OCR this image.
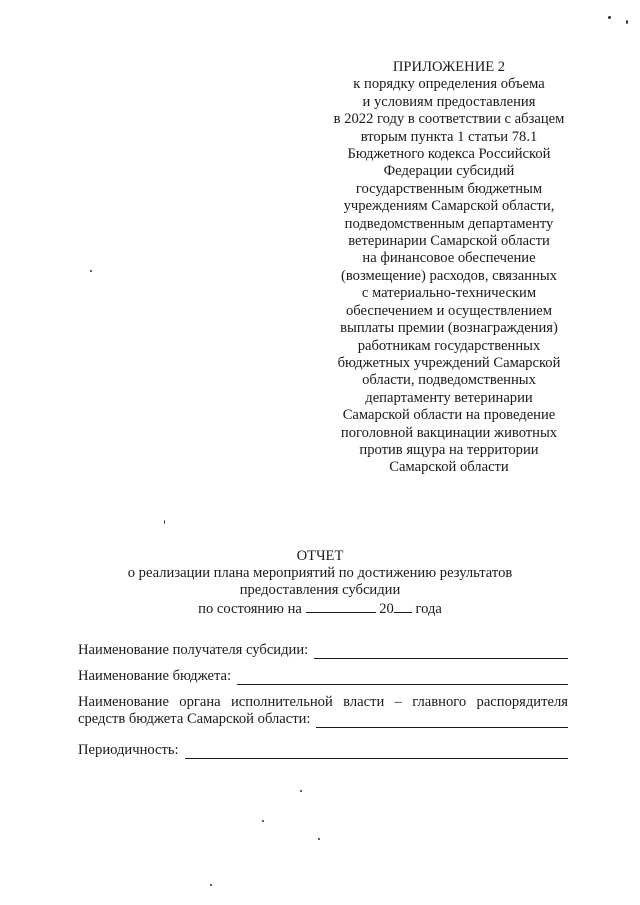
ПРИЛОЖЕНИЕ 2
к порядку определения объема
и условиям предоставления
в 2022 году в соответствии с абзацем
вторым пункта 1 статьи 78.1
Бюджетного кодекса Российской
Федерации субсидий
государственным бюджетным
учреждениям Самарской области,
подведомственным департаменту
ветеринарии Самарской области
на финансовое обеспечение
(возмещение) расходов, связанных
с материально-техническим
обеспечением и осуществлением
выплаты премии (вознаграждения)
работникам государственных
бюджетных учреждений Самарской
области, подведомственных
департаменту ветеринарии
Самарской области на проведение
поголовной вакцинации животных
против ящура на территории
Самарской области
ОТЧЕТ
о реализации плана мероприятий по достижению результатов
предоставления субсидии
по состоянию на	20 года
Наименование получателя субсидии:
Наименование бюджета:
Наименование органа исполнительной власти – главного распорядителя
средств бюджета Самарской области:
Периодичность:
